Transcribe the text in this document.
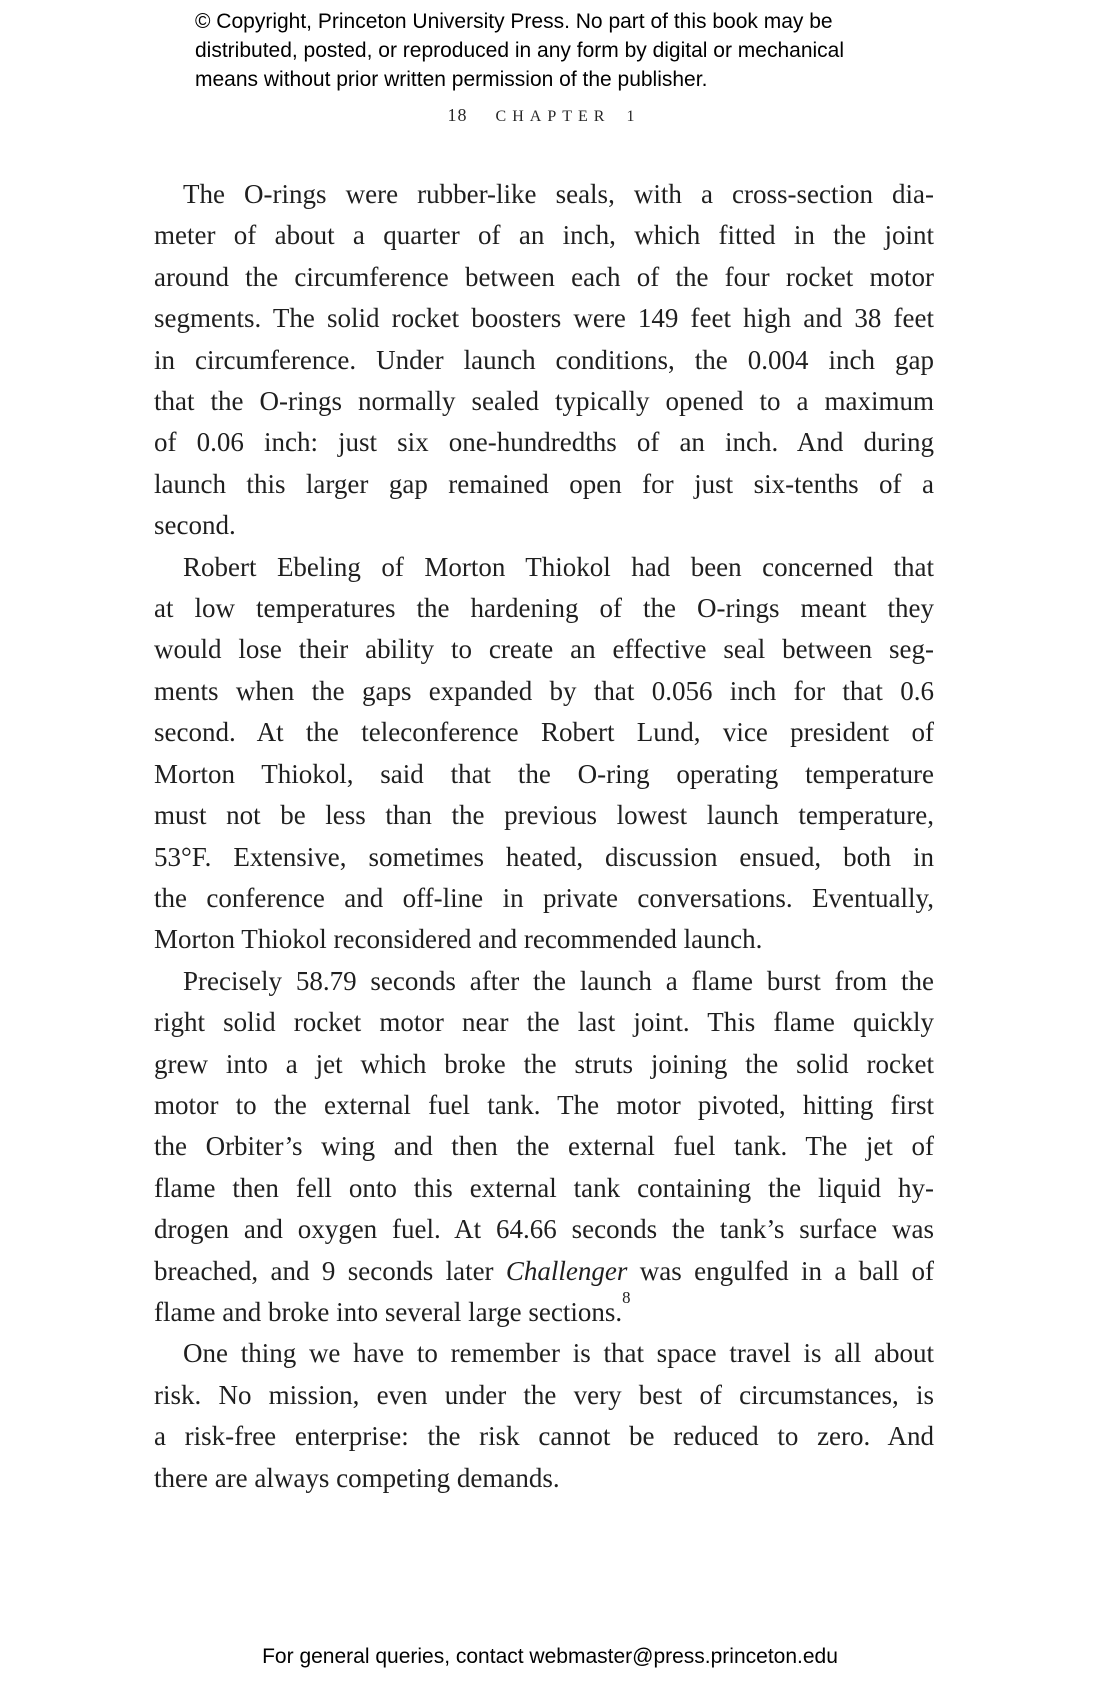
© Copyright, Princeton University Press. No part of this book may be
distributed, posted, or reproduced in any form by digital or mechanical
means without prior written permission of the publisher.
18 CHAPTER 1
The O-rings were rubber-like seals, with a cross-section dia-
meter of about a quarter of an inch, which fitted in the joint
around the circumference between each of the four rocket motor
segments. The solid rocket boosters were 149 feet high and 38 feet
in circumference. Under launch conditions, the 0.004 inch gap
that the O-rings normally sealed typically opened to a maximum
of 0.06 inch: just six one-hundredths of an inch. And during
launch this larger gap remained open for just six-tenths of a
second.
Robert Ebeling of Morton Thiokol had been concerned that
at low temperatures the hardening of the O-rings meant they
would lose their ability to create an effective seal between seg-
ments when the gaps expanded by that 0.056 inch for that 0.6
second. At the teleconference Robert Lund, vice president of
Morton Thiokol, said that the O-ring operating temperature
must not be less than the previous lowest launch temperature,
53°F. Extensive, sometimes heated, discussion ensued, both in
the conference and off-line in private conversations. Eventually,
Morton Thiokol reconsidered and recommended launch.
Precisely 58.79 seconds after the launch a flame burst from the
right solid rocket motor near the last joint. This flame quickly
grew into a jet which broke the struts joining the solid rocket
motor to the external fuel tank. The motor pivoted, hitting first
the Orbiter’s wing and then the external fuel tank. The jet of
flame then fell onto this external tank containing the liquid hy-
drogen and oxygen fuel. At 64.66 seconds the tank’s surface was
breached, and 9 seconds later Challenger was engulfed in a ball of
flame and broke into several large sections.$^8$
One thing we have to remember is that space travel is all about
risk. No mission, even under the very best of circumstances, is
a risk-free enterprise: the risk cannot be reduced to zero. And
there are always competing demands.
For general queries, contact webmaster@press.princeton.edu
